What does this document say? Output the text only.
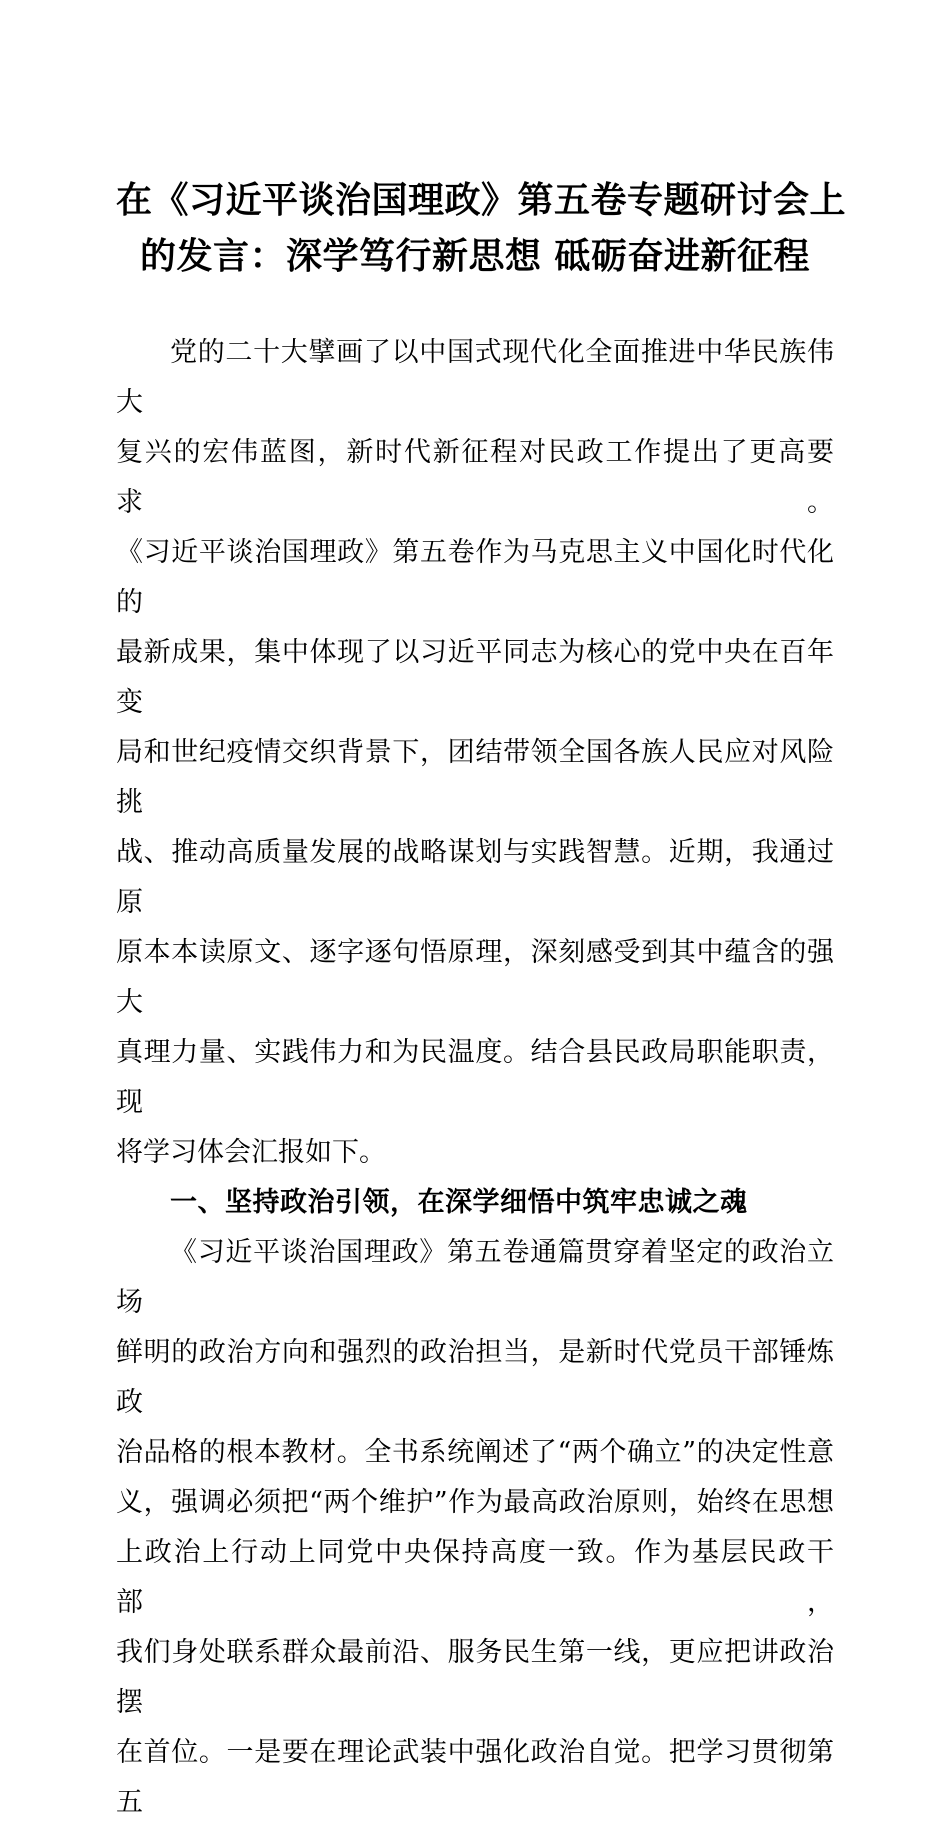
在《习近平谈治国理政》第五卷专题研讨会上
的发言：深学笃行新思想 砥砺奋进新征程
党的二十大擘画了以中国式现代化全面推进中华民族伟大
复兴的宏伟蓝图，新时代新征程对民政工作提出了更高要求。
《习近平谈治国理政》第五卷作为马克思主义中国化时代化的
最新成果，集中体现了以习近平同志为核心的党中央在百年变
局和世纪疫情交织背景下，团结带领全国各族人民应对风险挑
战、推动高质量发展的战略谋划与实践智慧。近期，我通过原
原本本读原文、逐字逐句悟原理，深刻感受到其中蕴含的强大
真理力量、实践伟力和为民温度。结合县民政局职能职责，现
将学习体会汇报如下。
一、坚持政治引领，在深学细悟中筑牢忠诚之魂
《习近平谈治国理政》第五卷通篇贯穿着坚定的政治立场
鲜明的政治方向和强烈的政治担当，是新时代党员干部锤炼政
治品格的根本教材。全书系统阐述了“两个确立”的决定性意
义，强调必须把“两个维护”作为最高政治原则，始终在思想
上政治上行动上同党中央保持高度一致。作为基层民政干部，
我们身处联系群众最前沿、服务民生第一线，更应把讲政治摆
在首位。一是要在理论武装中强化政治自觉。把学习贯彻第五
